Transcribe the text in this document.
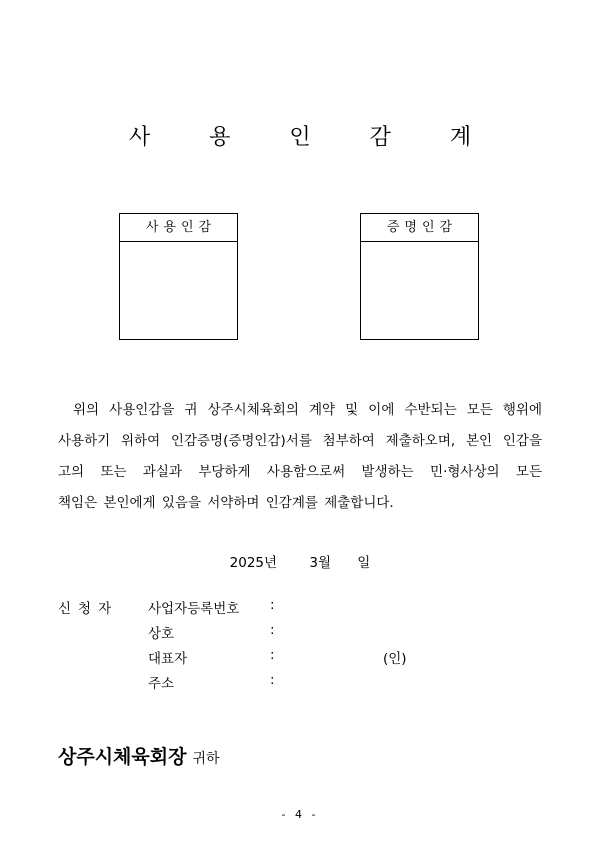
사 용 인 감 계
사용인감	증명인감
위의 사용인감을 귀 상주시체육회의 계약 및 이에 수반되는 모든 행위에
사용하기 위하여 인감증명(증명인감)서를 첨부하여 제출하오며, 본인 인감을
고의 또는 과실과 부당하게 사용함으로써 발생하는 민·형사상의 모든
책임은 본인에게 있음을 서약하며 인감계를 제출합니다.
2025년 3월 일
신청자 사업자등록번호 :
상호	:
대표자	:	(인)
주소	:
상주시체육회장 귀하
- 4 -
